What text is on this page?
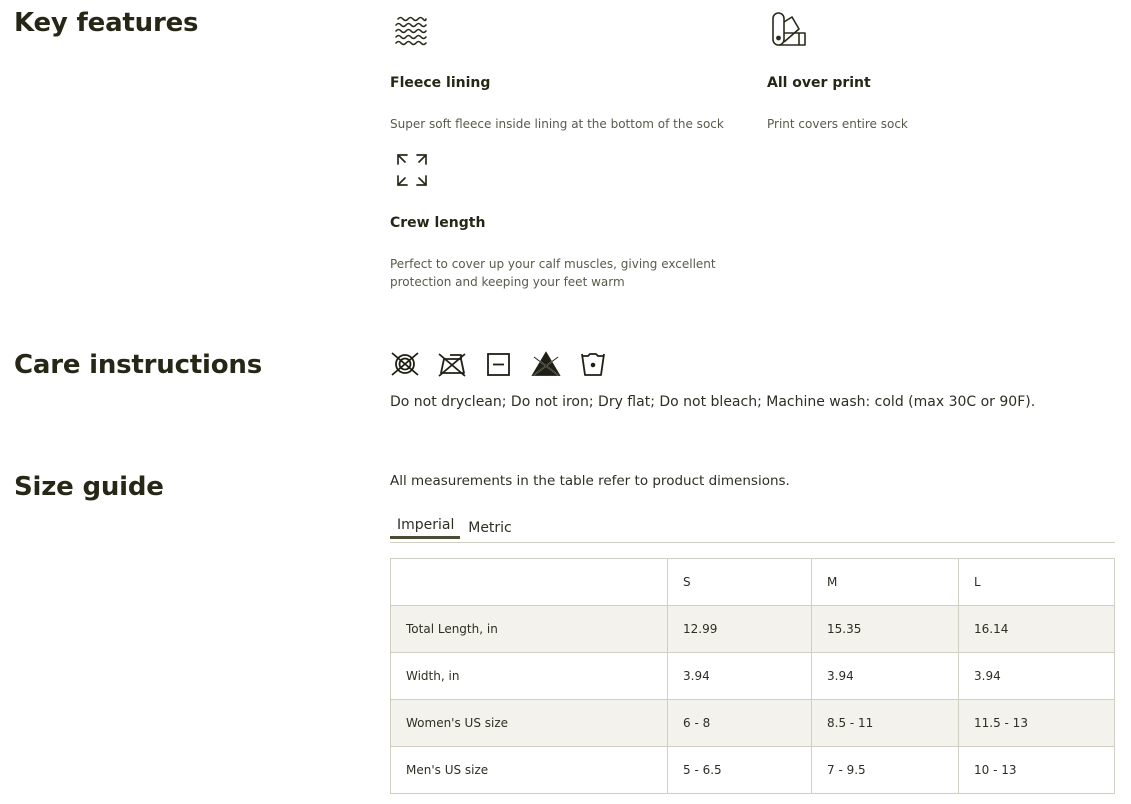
Key features
Fleece lining

Super soft fleece inside lining at the bottom of the sock

All over print

Print covers entire sock

Crew length

Perfect to cover up your calf muscles, giving excellent protection and keeping your feet warm

Care instructions

Do not dryclean; Do not iron; Dry flat; Do not bleach; Machine wash: cold (max 30C or 90F).

Size guide	All measurements in the table refer to product dimensions.

Imperial Metric
	S	M	L
Total Length, in	12.99	15.35	16.14
Width, in	3.94	3.94	3.94
Women's US size	6 - 8	8.5 - 11	11.5 - 13
Men's US size	5 - 6.5	7 - 9.5	10 - 13
